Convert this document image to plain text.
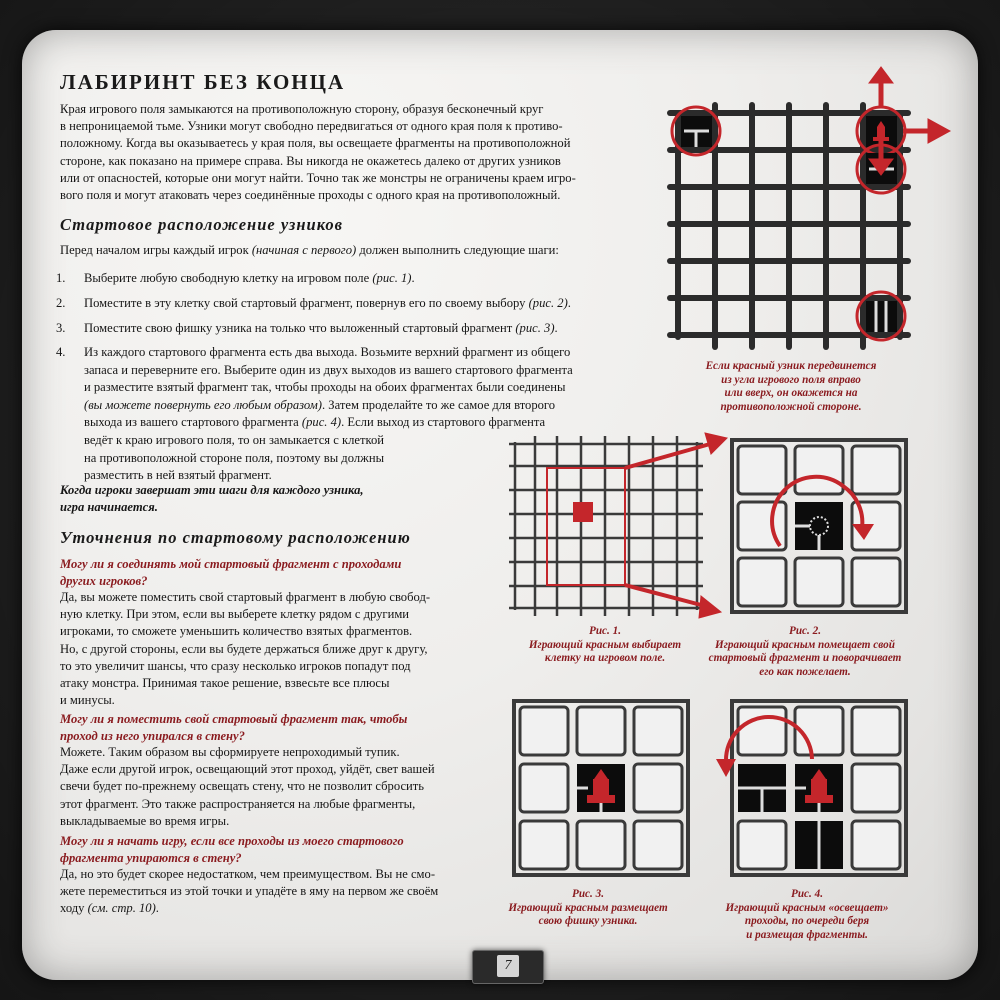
ЛАБИРИНТ БЕЗ КОНЦА
Края игрового поля замыкаются на противоположную сторону, образуя бесконечный круг
в непроницаемой тьме. Узники могут свободно передвигаться от одного края поля к противо-
положному. Когда вы оказываетесь у края поля, вы освещаете фрагменты на противоположной
стороне, как показано на примере справа. Вы никогда не окажетесь далеко от других узников
или от опасностей, которые они могут найти. Точно так же монстры не ограничены краем игро-
вого поля и могут атаковать через соединённые проходы с одного края на противоположный.
Стартовое расположение узников
Перед началом игры каждый игрок (начиная с первого) должен выполнить следующие шаги:
1. Выберите любую свободную клетку на игровом поле (рис. 1).
2. Поместите в эту клетку свой стартовый фрагмент, повернув его по своему выбору (рис. 2).
3. Поместите свою фишку узника на только что выложенный стартовый фрагмент (рис. 3).
4. Из каждого стартового фрагмента есть два выхода. Возьмите верхний фрагмент из общего
запаса и переверните его. Выберите один из двух выходов из вашего стартового фрагмента
и разместите взятый фрагмент так, чтобы проходы на обоих фрагментах были соединены
(вы можете повернуть его любым образом). Затем проделайте то же самое для второго
выхода из вашего стартового фрагмента (рис. 4). Если выход из стартового фрагмента
ведёт к краю игрового поля, то он замыкается с клеткой
на противоположной стороне поля, поэтому вы должны
разместить в ней взятый фрагмент.
Когда игроки завершат эти шаги для каждого узника,
игра начинается.
Уточнения по стартовому расположению
Могу ли я соединять мой стартовый фрагмент с проходами
других игроков?
Да, вы можете поместить свой стартовый фрагмент в любую свобод-
ную клетку. При этом, если вы выберете клетку рядом с другими
игроками, то сможете уменьшить количество взятых фрагментов.
Но, с другой стороны, если вы будете держаться ближе друг к другу,
то это увеличит шансы, что сразу несколько игроков попадут под
атаку монстра. Принимая такое решение, взвесьте все плюсы
и минусы.
Могу ли я поместить свой стартовый фрагмент так, чтобы
проход из него упирался в стену?
Можете. Таким образом вы сформируете непроходимый тупик.
Даже если другой игрок, освещающий этот проход, уйдёт, свет вашей
свечи будет по-прежнему освещать стену, что не позволит сбросить
этот фрагмент. Это также распространяется на любые фрагменты,
выкладываемые во время игры.
Могу ли я начать игру, если все проходы из моего стартового
фрагмента упираются в стену?
Да, но это будет скорее недостатком, чем преимуществом. Вы не смо-
жете переместиться из этой точки и упадёте в яму на первом же своём
ходу (см. стр. 10).
Если красный узник передвинется
из угла игрового поля вправо
или вверх, он окажется на
противоположной стороне.
Рис. 1.
Играющий красным выбирает
клетку на игровом поле.
Рис. 2.
Играющий красным помещает свой
стартовый фрагмент и поворачивает
его как пожелает.
Рис. 3.
Играющий красным размещает
свою фишку узника.
Рис. 4.
Играющий красным «освещает»
проходы, по очереди беря
и размещая фрагменты.
7
